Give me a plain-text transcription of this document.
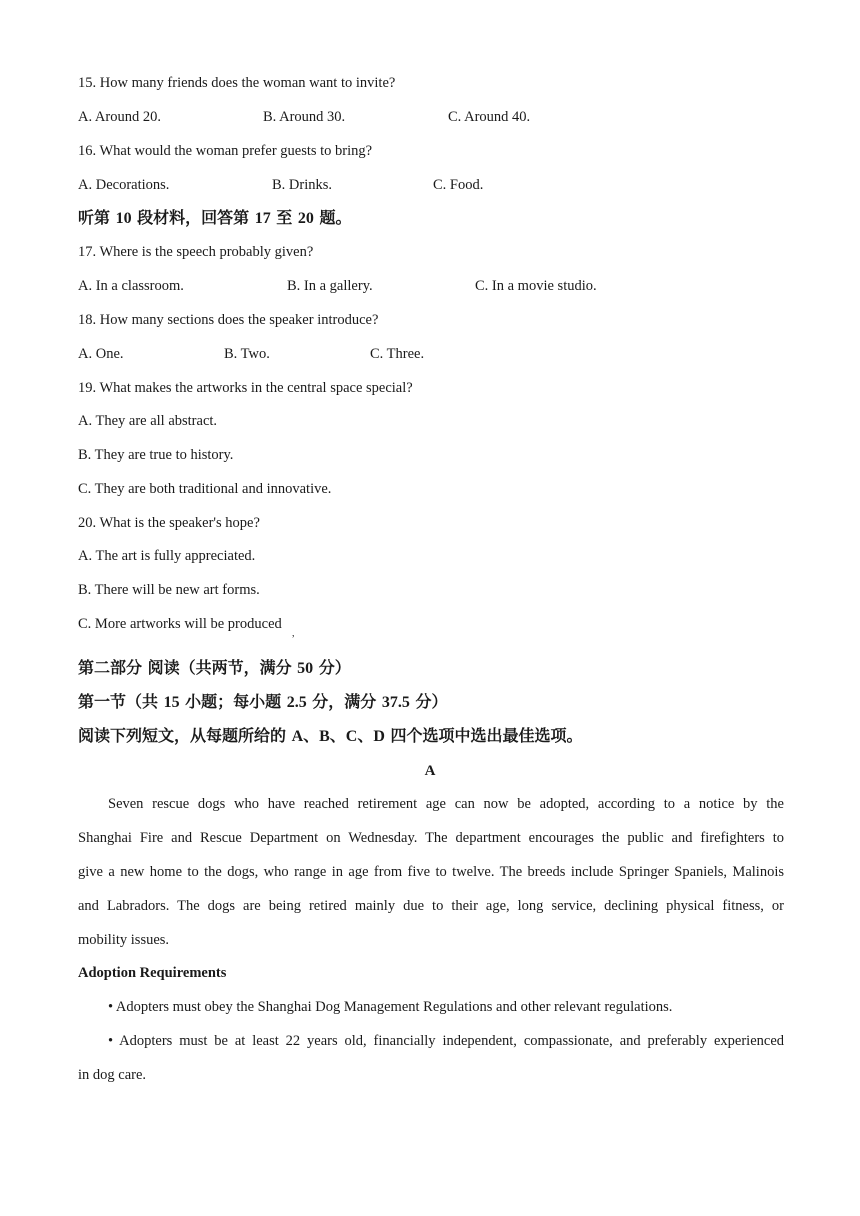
15. How many friends does the woman want to invite?
A. Around 20.	B. Around 30.	C. Around 40.
16. What would the woman prefer guests to bring?
A. Decorations.	B. Drinks.	C. Food.
听第 10 段材料，回答第 17 至 20 题。
17. Where is the speech probably given?
A. In a classroom.	B. In a gallery.	C. In a movie studio.
18. How many sections does the speaker introduce?
A. One.	B. Two.	C. Three.
19. What makes the artworks in the central space special?
A. They are all abstract.
B. They are true to history.
C. They are both traditional and innovative.
20. What is the speaker's hope?
A. The art is fully appreciated.
B. There will be new art forms.
C. More artworks will be produced
,
第二部分 阅读（共两节，满分 50 分）
第一节（共 15 小题；每小题 2.5 分，满分 37.5 分）
阅读下列短文，从每题所给的 A、B、C、D 四个选项中选出最佳选项。
A
Seven rescue dogs who have reached retirement age can now be adopted, according to a notice by the
Shanghai Fire and Rescue Department on Wednesday. The department encourages the public and firefighters to
give a new home to the dogs, who range in age from five to twelve. The breeds include Springer Spaniels, Malinois
and Labradors. The dogs are being retired mainly due to their age, long service, declining physical fitness, or
mobility issues.
Adoption Requirements
• Adopters must obey the Shanghai Dog Management Regulations and other relevant regulations.
• Adopters must be at least 22 years old, financially independent, compassionate, and preferably experienced
in dog care.
